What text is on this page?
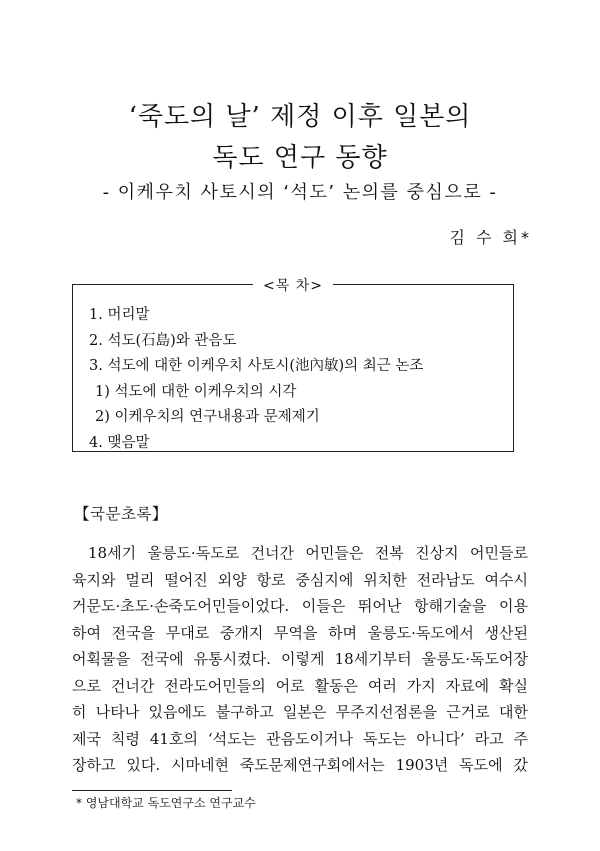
‘죽도의 날’ 제정 이후 일본의
독도 연구 동향
- 이케우치 사토시의 ‘석도’ 논의를 중심으로 -
김 수 희*
<목 차>
1. 머리말
2. 석도(石島)와 관음도
3. 석도에 대한 이케우치 사토시(池內敏)의 최근 논조
1) 석도에 대한 이케우치의 시각
2) 이케우치의 연구내용과 문제제기
4. 맺음말
【국문초록】
18세기 울릉도·독도로 건너간 어민들은 전복 진상지 어민들로
육지와 멀리 떨어진 외양 항로 중심지에 위치한 전라남도 여수시
거문도·초도·손죽도어민들이었다. 이들은 뛰어난 항해기술을 이용
하여 전국을 무대로 중개지 무역을 하며 울릉도·독도에서 생산된
어획물을 전국에 유통시켰다. 이렇게 18세기부터 울릉도·독도어장
으로 건너간 전라도어민들의 어로 활동은 여러 가지 자료에 확실
히 나타나 있음에도 불구하고 일본은 무주지선점론을 근거로 대한
제국 칙령 41호의 ‘석도는 관음도이거나 독도는 아니다’ 라고 주
장하고 있다. 시마네현 죽도문제연구회에서는 1903년 독도에 갔
* 영남대학교 독도연구소 연구교수
